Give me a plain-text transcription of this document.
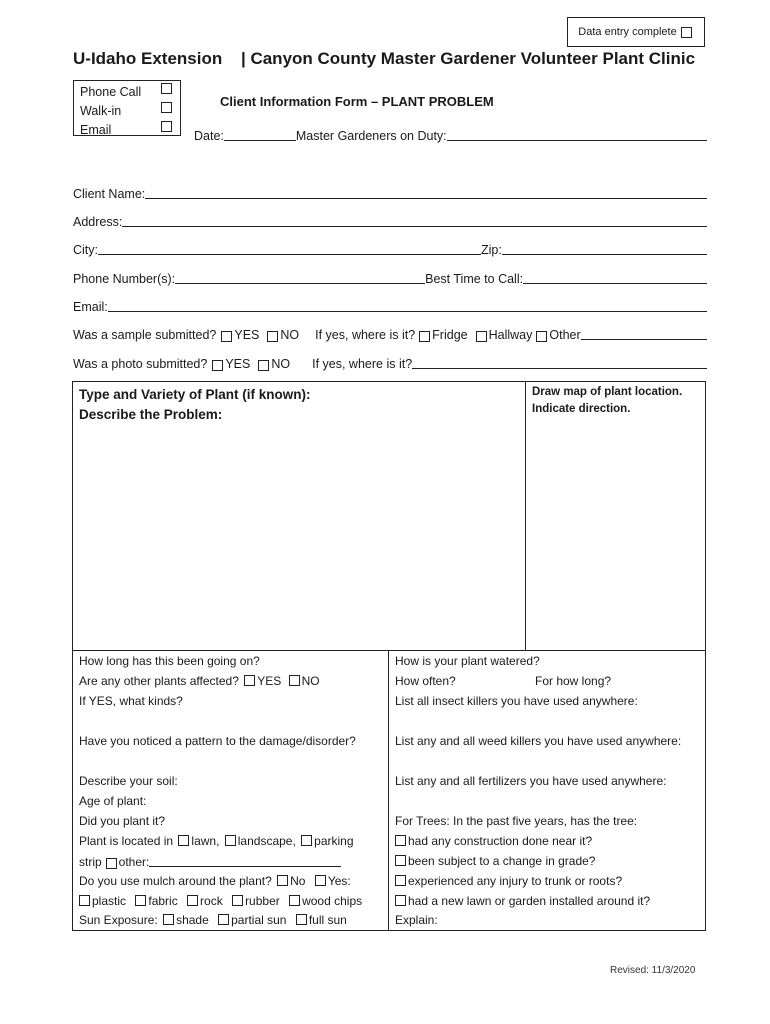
Data entry complete
U-Idaho Extension | Canyon County Master Gardener Volunteer Plant Clinic
Phone Call
Walk-in
Email
Client Information Form – PLANT PROBLEM
Date:	Master Gardeners on Duty:
Client Name:
Address:
City:	Zip:
Phone Number(s):	Best Time to Call:
Email:
Was a sample submitted? YES NO If yes, where is it? Fridge Hallway Other
Was a photo submitted? YES NO If yes, where is it?
Type and Variety of Plant (if known):
Describe the Problem:
Draw map of plant location.
Indicate direction.
How long has this been going on?
Are any other plants affected? YES NO
If YES, what kinds?
Have you noticed a pattern to the damage/disorder?
Describe your soil:
Age of plant:
Did you plant it?
Plant is located in lawn, landscape, parking
strip other:
Do you use mulch around the plant? No Yes:
plastic fabric rock rubber wood chips
Sun Exposure: shade partial sun full sun
How is your plant watered?
How often?	For how long?
List all insect killers you have used anywhere:
List any and all weed killers you have used anywhere:
List any and all fertilizers you have used anywhere:
For Trees: In the past five years, has the tree:
had any construction done near it?
been subject to a change in grade?
experienced any injury to trunk or roots?
had a new lawn or garden installed around it?
Explain:
Revised: 11/3/2020
